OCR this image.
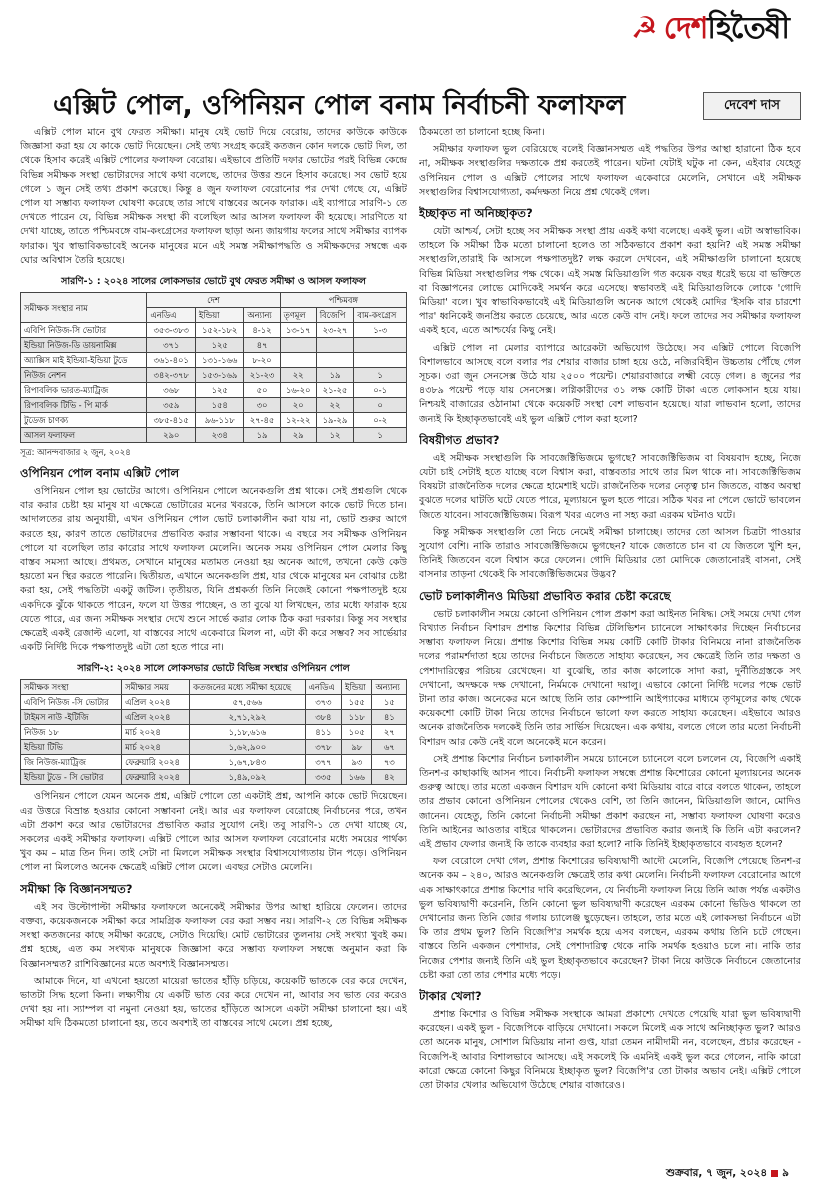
☭ দেশহিতৈষী
এক্সিট পোল, ওপিনিয়ন পোল বনাম নির্বাচনী ফলাফল	দেবেশ দাস

এক্সিট পোল মানে বুথ ফেরত সমীক্ষা। মানুষ যেই ভোট দিয়ে বেরোয়, তাদের কাউকে কাউকে জিজ্ঞাসা করা হয় যে কাকে ভোট দিয়েছেন। সেই তথ্য সংগ্রহ করেই কতজন কোন দলকে ভোট দিল, তা থেকে হিসাব করেই এক্সিট পোলের ফলাফল বেরোয়। এইভাবে প্রতিটি দফার ভোটের পরই বিভিন্ন কেন্দ্রে বিভিন্ন সমীক্ষক সংস্থা ভোটারদের সাথে কথা বলেছে, তাদের উত্তর শুনে হিসাব করেছে। সব ভোট হয়ে গেলে ১ জুন সেই তথ্য প্রকাশ করেছে। কিন্তু ৪ জুন ফলাফল বেরোনোর পর দেখা গেছে যে, এক্সিট পোল যা সম্ভাব্য ফলাফল ঘোষণা করেছে তার সাথে বাস্তবের অনেক ফারাক। এই ব্যাপারে সারণি-১ তে দেখতে পারেন যে, বিভিন্ন সমীক্ষক সংস্থা কী বলেছিল আর আসল ফলাফল কী হয়েছে। সারণিতে যা দেখা যাচ্ছে, তাতে পশ্চিমবঙ্গে বাম-কংগ্রেসের ফলাফল ছাড়া অন্য জায়গায় ফলের সাথে সমীক্ষার ব্যাপক ফারাক। খুব স্বাভাবিকভাবেই অনেক মানুষের মনে এই সমস্ত সমীক্ষাপদ্ধতি ও সমীক্ষকদের সম্বন্ধে এক ঘোর অবিশ্বাস তৈরি হয়েছে।

সারণি-১ : ২০২৪ সালের লোকসভার ভোটে বুথ ফেরত সমীক্ষা ও আসল ফলাফল
সমীক্ষক সংস্থার নাম	দেশ			পশ্চিমবঙ্গ		
	এনডিএ	ইন্ডিয়া	অন্যান্য	তৃণমূল	বিজেপি	বাম-কংগ্রেস
এবিপি নিউজ-সি ভোটার	৩৫৩-৩৮৩	১৫২-১৮২	৪-১২	১৩-১৭	২৩-২৭	১-৩
ইন্ডিয়া নিউজ-ডি ডায়নামিক্স	৩৭১	১২৫	৪৭			
অ্যাক্সিস মাই ইন্ডিয়া-ইন্ডিয়া টুডে	৩৬১-৪০১	১৩১-১৬৬	৮-২০			
নিউজ নেশন	৩৪২-৩৭৮	১৫৩-১৬৯	২১-২৩	২২	১৯	১
রিপাবলিক ভারত-ম্যাট্রিজ	৩৬৮	১২৫	৫০	১৬-২০	২১-২৫	০-১
রিপাবলিক টিভি - পি মার্ক	৩৫৯	১৫৪	৩০	২০	২২	০
টুডেজ চাণক্য	৩৮৫-৪১৫	৯৬-১১৮	২৭-৪৫	১২-২২	১৯-২৯	০-২
আসল ফলাফল	২৯০	২৩৪	১৯	২৯	১২	১
সূত্র: আনন্দবাজার ২ জুন, ২০২৪
ওপিনিয়ন পোল বনাম এক্সিট পোল

ওপিনিয়ন পোল হয় ভোটের আগে। ওপিনিয়ন পোলে অনেকগুলি প্রশ্ন থাকে। সেই প্রশ্নগুলি থেকে বার করার চেষ্টা হয় মানুষ যা এক্ষেত্রে ভোটারের মনের খবরকে, তিনি আসলে কাকে ভোট দিতে চান। আদালতের রায় অনুযায়ী, এখন ওপিনিয়ন পোল ভোট চলাকালীন করা যায় না, ভোট শুরুর আগে করতে হয়, কারণ তাতে ভোটারদের প্রভাবিত করার সম্ভাবনা থাকে। এ বছরে সব সমীক্ষক ওপিনিয়ন পোলে যা বলেছিল তার কারোর সাথে ফলাফল মেলেনি। অনেক সময় ওপিনিয়ন পোল মেলার কিছু বাস্তব সমস্যা আছে। প্রথমত, সেখানে মানুষের মতামত নেওয়া হয় অনেক আগে, তখনো কেউ কেউ হয়তো মন স্থির করতে পারেনি। দ্বিতীয়ত, এখানে অনেকগুলি প্রশ্ন, যার থেকে মানুষের মন বোঝার চেষ্টা করা হয়, সেই পদ্ধতিটা একটু জটিল। তৃতীয়ত, যিনি প্রশ্নকর্তা তিনি নিজেই কোনো পক্ষপাতদুষ্ট হয়ে একদিকে ঝুঁকে থাকতে পারেন, ফলে যা উত্তর পাচ্ছেন, ও তা বুঝে যা লিখছেন, তার মধ্যে ফারাক হয়ে যেতে পারে, এর জন্য সমীক্ষক সংস্থার দেখে শুনে সার্ভে করার লোক ঠিক করা দরকার। কিন্তু সব সংস্থার ক্ষেত্রেই একই রেজাল্ট এলো, যা বাস্তবের সাথে একেবারে মিলল না, এটা কী করে সম্ভব? সব সার্ভেয়ার একটি নির্দিষ্ট দিকে পক্ষপাতদুষ্ট এটা তো হতে পারে না।

সারণি-২: ২০২৪ সালে লোকসভার ভোটে বিভিন্ন সংস্থার ওপিনিয়ন পোল
সমীক্ষক সংস্থা	সমীক্ষার সময়	কতজনের মধ্যে সমীক্ষা হয়েছে	এনডিএ	ইন্ডিয়া	অন্যান্য
এবিপি নিউজ -সি ভোটার	এপ্রিল ২০২৪	৫৭,৫৬৬	৩৭৩	১৫৫	১৫
টাইমস নাউ -ইটিজি	এপ্রিল ২০২৪	২,৭১,২৯২	৩৮৪	১১৮	৪১
নিউজ ১৮	মার্চ ২০২৪	১,১৮,৬১৬	৪১১	১০৫	২৭
ইন্ডিয়া টিভি	মার্চ ২০২৪	১,৬২,৯০০	৩৭৮	৯৮	৬৭
জি নিউজ-ম্যাট্রিজ	ফেব্রুয়ারি ২০২৪	১,৬৭,৮৪৩	৩৭৭	৯৩	৭৩
ইন্ডিয়া টুডে - সি ভোটার	ফেব্রুয়ারি ২০২৪	১,৪৯,০৯২	৩৩৫	১৬৬	৪২

ওপিনিয়ন পোলে যেমন অনেক প্রশ্ন, এক্সিট পোলে তো একটাই প্রশ্ন, আপনি কাকে ভোট দিয়েছেন। এর উত্তরে বিভ্রান্ত হওয়ার কোনো সম্ভাবনা নেই। আর এর ফলাফল বেরোচ্ছে নির্বাচনের পরে, তখন এটা প্রকাশ করে আর ভোটারদের প্রভাবিত করার সুযোগ নেই। তবু সারণি-১ তে দেখা যাচ্ছে যে, সকলের একই সমীক্ষার ফলাফল। এক্সিট পোলে আর আসল ফলাফল বেরোনোর মধ্যে সময়ের পার্থক্য খুব কম – মাত্র তিন দিন। তাই সেটা না মিললে সমীক্ষক সংস্থার বিশ্বাসযোগ্যতায় টান পড়ে। ওপিনিয়ন পোল না মিললেও অনেক ক্ষেত্রেই এক্সিট পোল মেলে। এবছর সেটাও মেলেনি।

সমীক্ষা কি বিজ্ঞানসম্মত?

এই সব উল্টোপাল্টা সমীক্ষার ফলাফলে অনেকেই সমীক্ষার উপর আস্থা হারিয়ে ফেলেন। তাদের বক্তব্য, কয়েকজনকে সমীক্ষা করে সামগ্রিক ফলাফল বের করা সম্ভব নয়। সারণি-২ তে বিভিন্ন সমীক্ষক সংস্থা কতজনের কাছে সমীক্ষা করেছে, সেটাও দিয়েছি। মোট ভোটারের তুলনায় সেই সংখ্যা খুবই কম। প্রশ্ন হচ্ছে, এত কম সংখ্যক মানুষকে জিজ্ঞাসা করে সম্ভাব্য ফলাফল সম্বন্ধে অনুমান করা কি বিজ্ঞানসম্মত? রাশিবিজ্ঞানের মতে অবশ্যই বিজ্ঞানসম্মত।

আমাকে দিনে, যা এখনো হয়তো মায়েরা ভাতের হাঁড়ি চড়িয়ে, কয়েকটি ভাতকে বের করে দেখেন, ভাতটা সিদ্ধ হলো কিনা। লক্ষ্যণীয় যে একটি ভাত বের করে দেখেন না, আবার সব ভাত বের করেও দেখা হয় না। স্যাম্পল বা নমুনা নেওয়া হয়, ভাতের হাঁড়িতে আসলে একটা সমীক্ষা চালানো হয়। এই সমীক্ষা যদি ঠিকমতো চালানো হয়, তবে অবশ্যই তা বাস্তবের সাথে মেলে। প্রশ্ন হচ্ছে,

ঠিকমতো তা চালানো হচ্ছে কিনা।

সমীক্ষার ফলাফল ভুল বেরিয়েছে বলেই বিজ্ঞানসম্মত এই পদ্ধতির উপর আস্থা হারানো ঠিক হবে না, সমীক্ষক সংস্থাগুলির দক্ষতাকে প্রশ্ন করতেই পারেন। ঘটনা যেটাই ঘটুক না কেন, এইবার যেহেতু ওপিনিয়ন পোল ও এক্সিট পোলের সাথে ফলাফল একেবারে মেলেনি, সেখানে এই সমীক্ষক সংস্থাগুলির বিশ্বাসযোগ্যতা, কর্মদক্ষতা নিয়ে প্রশ্ন থেকেই গেল।

ইচ্ছাকৃত না অনিচ্ছাকৃত?

যেটা আশ্চর্য, সেটা হচ্ছে সব সমীক্ষক সংস্থা প্রায় একই কথা বলেছে। একই ভুল। এটা অস্বাভাবিক। তাহলে কি সমীক্ষা ঠিক মতো চালানো হলেও তা সঠিকভাবে প্রকাশ করা হয়নি? এই সমস্ত সমীক্ষা সংস্থাগুলি,তারাই কি আসলে পক্ষপাতদুষ্ট? লক্ষ করলে দেখবেন, এই সমীক্ষাগুলি চালানো হয়েছে বিভিন্ন মিডিয়া সংস্থাগুলির পক্ষ থেকে। এই সমস্ত মিডিয়াগুলি গত কয়েক বছর ধরেই ভয়ে বা ভক্তিতে বা বিজ্ঞাপনের লোভে মোদিকেই সমর্থন করে এসেছে। স্বভাবতই এই মিডিয়াগুলিকে লোকে 'গোদি মিডিয়া' বলে। খুব স্বাভাবিকভাবেই এই মিডিয়াগুলি অনেক আগে থেকেই মোদির 'ইসকি বার চারশো পার' ধ্বনিকেই জনপ্রিয় করতে চেয়েছে, আর এতে কেউ বাদ নেই। ফলে তাদের সব সমীক্ষার ফলাফল একই হবে, এতে আশ্চর্যের কিছু নেই।

এক্সিট পোল না মেলার ব্যাপারে আরেকটা অভিযোগ উঠেছে। সব এক্সিট পোলে বিজেপি বিশালভাবে আসছে বলে বলার পর শেয়ার বাজার চাঙ্গা হয়ে ওঠে, নজিরবিহীন উচ্চতায় পৌঁছে গেল সূচক। ৩রা জুন সেনসেক্স উঠে যায় ২৫০০ পয়েন্ট। শেয়ারবাজারে লক্ষ্মী বেড়ে গেল। ৪ জুনের পর ৪৩৮৯ পয়েন্ট পড়ে যায় সেনসেক্স। লগ্নিকারীদের ৩১ লক্ষ কোটি টাকা এতে লোকসান হয়ে যায়। নিশ্চয়ই বাজারের ওঠানামা থেকে কয়েকটি সংস্থা বেশ লাভবান হয়েছে। যারা লাভবান হলো, তাদের জন্যই কি ইচ্ছাকৃতভাবেই এই ভুল এক্সিট পোল করা হলো?

বিষয়ীগত প্রভাব?

এই সমীক্ষক সংস্থাগুলি কি সাবজেক্টিভিজমে ভুগছে? সাবজেক্টিভিজম বা বিষয়বাদ হচ্ছে, নিজে যেটা চাই সেটাই হতে যাচ্ছে বলে বিশ্বাস করা, বাস্তবতার সাথে তার মিল থাকে না। সাবজেক্টিভিজম বিষয়টা রাজনৈতিক দলের ক্ষেত্রে হামেশাই ঘটে। রাজনৈতিক দলের নেতৃত্ব চান জিততে, বাস্তব অবস্থা বুঝতে দলের ঘাটতি ঘটে যেতে পারে, মূল্যায়নে ভুল হতে পারে। সঠিক খবর না পেলে ভোটে ভাবলেন জিতে যাবেন। সাবজেক্টিভিজম। বিরূপ খবর এলেও না সহ্য করা এরকম ঘটনাও ঘটে।

কিন্তু সমীক্ষক সংস্থাগুলি তো নিচে নেমেই সমীক্ষা চালাচ্ছে। তাদের তো আসল চিত্রটা পাওয়ার সুযোগ বেশি। নাকি তারাও সাবজেক্টিভিজমে ভুগছেন? যাকে জেতাতে চান বা যে জিতলে খুশি হন, তিনিই জিতবেন বলে বিশ্বাস করে ফেলেন। গোদি মিডিয়ার তো মোদিকে জেতানোরই বাসনা, সেই বাসনার তাড়না থেকেই কি সাবজেক্টিভিজমের উদ্ভব?

ভোট চলাকালীনও মিডিয়া প্রভাবিত করার চেষ্টা করেছে

ভোট চলাকালীন সময়ে কোনো ওপিনিয়ন পোল প্রকাশ করা আইনত নিষিদ্ধ। সেই সময়ে দেখা গেল বিখ্যাত নির্বাচন বিশারদ প্রশান্ত কিশোর বিভিন্ন টেলিভিশন চ্যানেলে সাক্ষাৎকার দিচ্ছেন নির্বাচনের সম্ভাব্য ফলাফল নিয়ে। প্রশান্ত কিশোর বিভিন্ন সময় কোটি কোটি টাকার বিনিময়ে নানা রাজনৈতিক দলের পরামর্শদাতা হয়ে তাদের নির্বাচনে জিততে সাহায্য করেছেন, সব ক্ষেত্রেই তিনি তার দক্ষতা ও পেশাদারিত্বের পরিচয় রেখেছেন। যা বুঝেছি, তার কাজ কালোকে সাদা করা, দুর্নীতিগ্রস্তকে সৎ দেখানো, অদক্ষকে দক্ষ দেখানো, নির্মমকে দেখানো দয়ালু। এভাবে কোনো নির্দিষ্ট দলের পক্ষে ভোট টানা তার কাজ। অনেকের মনে আছে তিনি তার কোম্পানি আইপ্যাকের মাধ্যমে তৃণমূলের কাছ থেকে কয়েকশো কোটি টাকা নিয়ে তাদের নির্বাচনে ভালো ফল করতে সাহায্য করেছেন। এইভাবে আরও অনেক রাজনৈতিক দলকেই তিনি তার সার্ভিস দিয়েছেন। এক কথায়, বলতে গেলে তার মতো নির্বাচনী বিশারদ আর কেউ নেই বলে অনেকেই মনে করেন।

সেই প্রশান্ত কিশোর নির্বাচন চলাকালীন সময়ে চ্যানেলে চ্যানেলে বলে চললেন যে, বিজেপি একাই তিনশ-র কাছাকাছি আসন পাবে। নির্বাচনী ফলাফল সম্বন্ধে প্রশান্ত কিশোরের কোনো মূল্যায়নের অনেক গুরুত্ব আছে। তার মতো একজন বিশারদ যদি কোনো কথা মিডিয়ায় বারে বারে বলতে থাকেন, তাহলে তার প্রভাব কোনো ওপিনিয়ন পোলের থেকেও বেশি, তা তিনি জানেন, মিডিয়াগুলি জানে, মোদিও জানেন। যেহেতু, তিনি কোনো নির্বাচনী সমীক্ষা প্রকাশ করছেন না, সম্ভাব্য ফলাফল ঘোষণা করেও তিনি আইনের আওতার বাইরে থাকলেন। ভোটারদের প্রভাবিত করার জন্যই কি তিনি এটা করলেন? এই প্রভাব ফেলার জন্যই কি তাকে ব্যবহার করা হলো? নাকি তিনিই ইচ্ছাকৃতভাবে ব্যবহৃত হলেন?

ফল বেরোলে দেখা গেল, প্রশান্ত কিশোরের ভবিষ্যদ্বাণী আদৌ মেলেনি, বিজেপি পেয়েছে তিনশ-র অনেক কম – ২৪০, আরও অনেকগুলি ক্ষেত্রেই তার কথা মেলেনি। নির্বাচনী ফলাফল বেরোনোর আগে এক সাক্ষাৎকারে প্রশান্ত কিশোর দাবি করেছিলেন, যে নির্বাচনী ফলাফল নিয়ে তিনি আজ পর্যন্ত একটাও ভুল ভবিষ্যদ্বাণী করেননি, তিনি কোনো ভুল ভবিষ্যদ্বাণী করেছেন এরকম কোনো ভিডিও থাকলে তা দেখানোর জন্য তিনি জোর গলায় চ্যালেঞ্জ ছুড়েছেন। তাহলে, তার মতে এই লোকসভা নির্বাচনে এটা কি তার প্রথম ভুল? তিনি বিজেপি'র সমর্থক হয়ে এসব বলছেন, এরকম কথায় তিনি চটে গেছেন। বাস্তবে তিনি একজন পেশাদার, সেই পেশাদারিত্ব থেকে নাকি সমর্থক হওয়াও চলে না। নাকি তার নিজের পেশার জন্যই তিনি এই ভুল ইচ্ছাকৃতভাবে করেছেন? টাকা নিয়ে কাউকে নির্বাচনে জেতানোর চেষ্টা করা তো তার পেশার মধ্যে পড়ে।

টাকার খেলা?

প্রশান্ত কিশোর ও বিভিন্ন সমীক্ষক সংস্থাকে আমরা প্রকাশ্যে দেখতে পেয়েছি যারা ভুল ভবিষ্যদ্বাণী করেছেন। একই ভুল - বিজেপিকে বাড়িয়ে দেখানো। সকলে মিলেই এক সাথে অনিচ্ছাকৃত ভুল? আরও তো অনেক মানুষ, সোশাল মিডিয়ায় নানা গুপ্ত, যারা তেমন নামীদামী নন, বলেছেন, প্রচার করেছেন - বিজেপি-ই আবার বিশালভাবে আসছে। এই সকলেই কি এমনিই একই ভুল করে গেলেন, নাকি কারো কারো ক্ষেত্রে কোনো কিছুর বিনিময়ে ইচ্ছাকৃত ভুল? বিজেপি'র তো টাকার অভাব নেই। এক্সিট পোলে তো টাকার খেলার অভিযোগ উঠেছে শেয়ার বাজারেও।

শুক্রবার, ৭ জুন, ২০২৪ ৯
